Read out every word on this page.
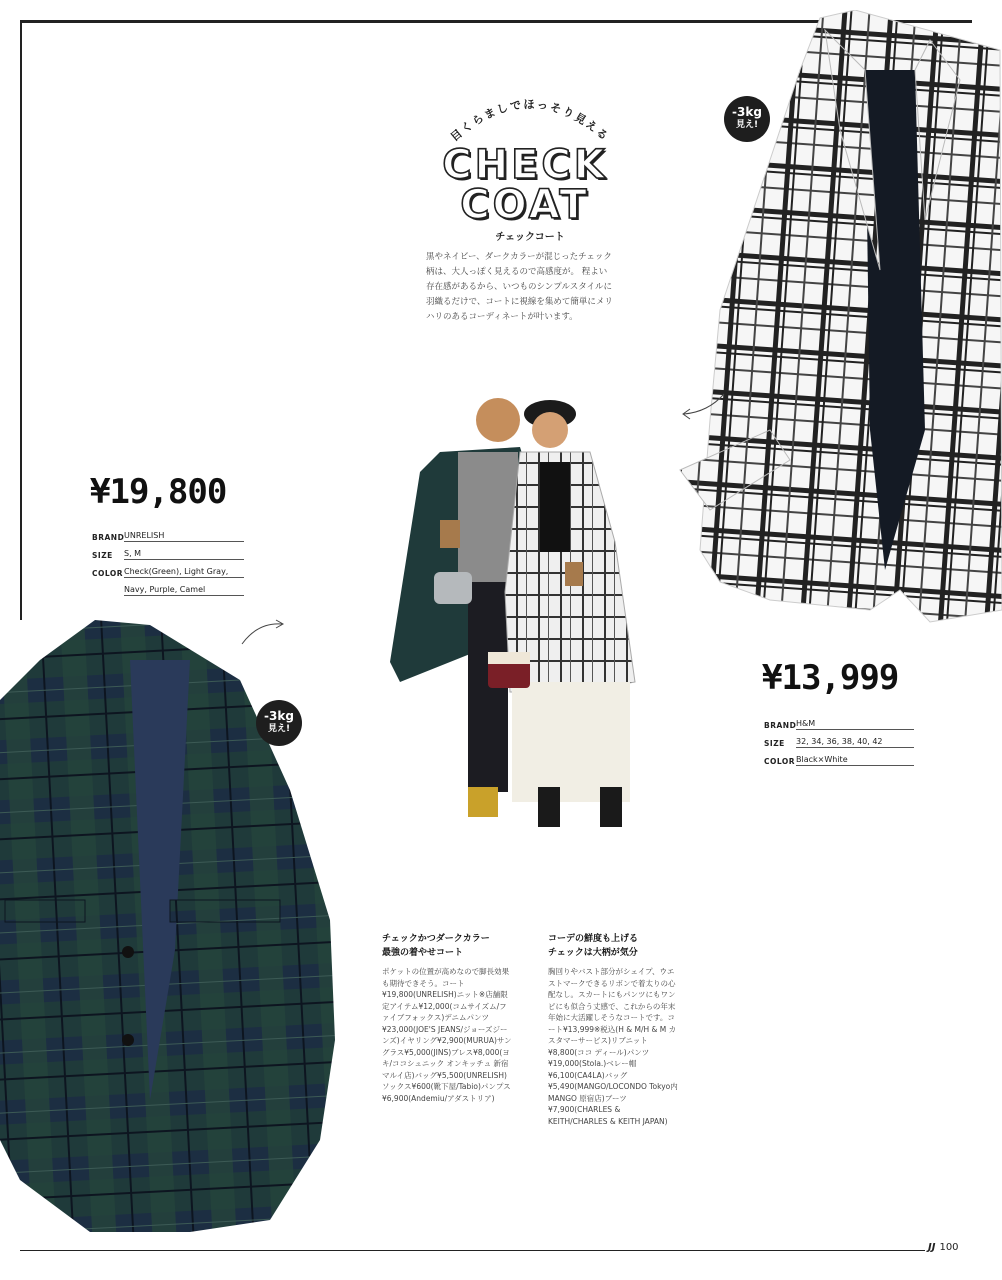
目くらましでほっそり見える
CHECK
COAT
チェックコート
黒やネイビー、ダークカラーが混じったチェック柄は、大人っぽく見えるので高感度が。 程よい存在感があるから、いつものシンプルスタイルに羽織るだけで、コートに視線を集めて簡単にメリハリのあるコーディネートが叶います。
-3kg
見え!
-3kg
見え!
¥19,800
BRAND UNRELISH
SIZE	S, M
COLOR Check(Green), Light Gray,
Navy, Purple, Camel
¥13,999
BRAND H&M
SIZE	32, 34, 36, 38, 40, 42
COLOR Black×White
チェックかつダークカラー
最強の着やせコート
ポケットの位置が高めなので脚長効果も期待できそう。コート¥19,800(UNRELISH)ニット※店舗限定アイテム¥12,000(コムサイズム/ファイブフォックス)デニムパンツ¥23,000(JOE'S JEANS/ジョーズジーンズ)イヤリング¥2,900(MURUA)サングラス¥5,000(JINS)ブレス¥8,000(ヨキ/ココシュニック オンキッチュ 新宿マルイ店)バッグ¥5,500(UNRELISH)ソックス¥600(靴下屋/Tabio)パンプス¥6,900(Andemiu/アダストリア)
コーデの鮮度も上げる
チェックは大柄が気分
胸回りやバスト部分がシェイプ、ウエストマークできるリボンで着太りの心配なし。スカートにもパンツにもワンピにも似合う丈感で、これからの年末年始に大活躍しそうなコートです。コート¥13,999※税込(H & M/H & M カスタマーサービス)リブニット¥8,800(ココ ディール)パンツ¥19,000(Stola.)ベレー帽¥6,100(CA4LA)バッグ¥5,490(MANGO/LOCONDO Tokyo内 MANGO 原宿店)ブーツ¥7,900(CHARLES & KEITH/CHARLES & KEITH JAPAN)
JJ 100
